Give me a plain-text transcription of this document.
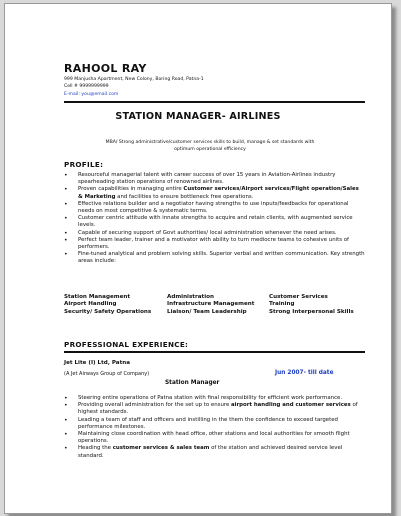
RAHOOL RAY
999 Manjusha Apartment, New Colony, Boring Road, Patna-1
Cell # 9999999999
E-mail: you@email.com
STATION MANAGER- AIRLINES
MBA/ Strong administrative/customer services skills to build, manage & set standards with optimum operational efficiency
PROFILE:
• Resourceful managerial talent with career success of over 15 years in Aviation-Airlines industry spearheading station operations of renowned airlines.
• Proven capabilities in managing entire Customer services/Airport services/Flight operation/Sales & Marketing and facilities to ensure bottleneck free operations.
• Effective relations builder and a negotiator having strengths to use inputs/feedbacks for operational needs on most competitive & systematic terms.
• Customer centric attitude with innate strengths to acquire and retain clients, with augmented service levels.
• Capable of securing support of Govt authorities/ local administration whenever the need arises.
• Perfect team leader, trainer and a motivator with ability to turn mediocre teams to cohesive units of performers.
• Fine-tuned analytical and problem solving skills. Superior verbal and written communication. Key strength areas include:
Station Management	Administration	Customer Services
Airport Handling	Infrastructure Management	Training
Security/ Safety Operations	Liaison/ Team Leadership	Strong Interpersonal Skills
PROFESSIONAL EXPERIENCE:
Jet Lite (I) Ltd, Patna
(A Jet Airways Group of Company)	Jun 2007- till date
Station Manager
• Steering entire operations of Patna station with final responsibility for efficient work performance.
• Providing overall administration for the set up to ensure airport handling and customer services of highest standards.
• Leading a team of staff and officers and instilling in the them the confidence to exceed targeted performance milestones.
• Maintaining close coordination with head office, other stations and local authorities for smooth flight operations.
• Heading the customer services & sales team of the station and achieved desired service level standard.
